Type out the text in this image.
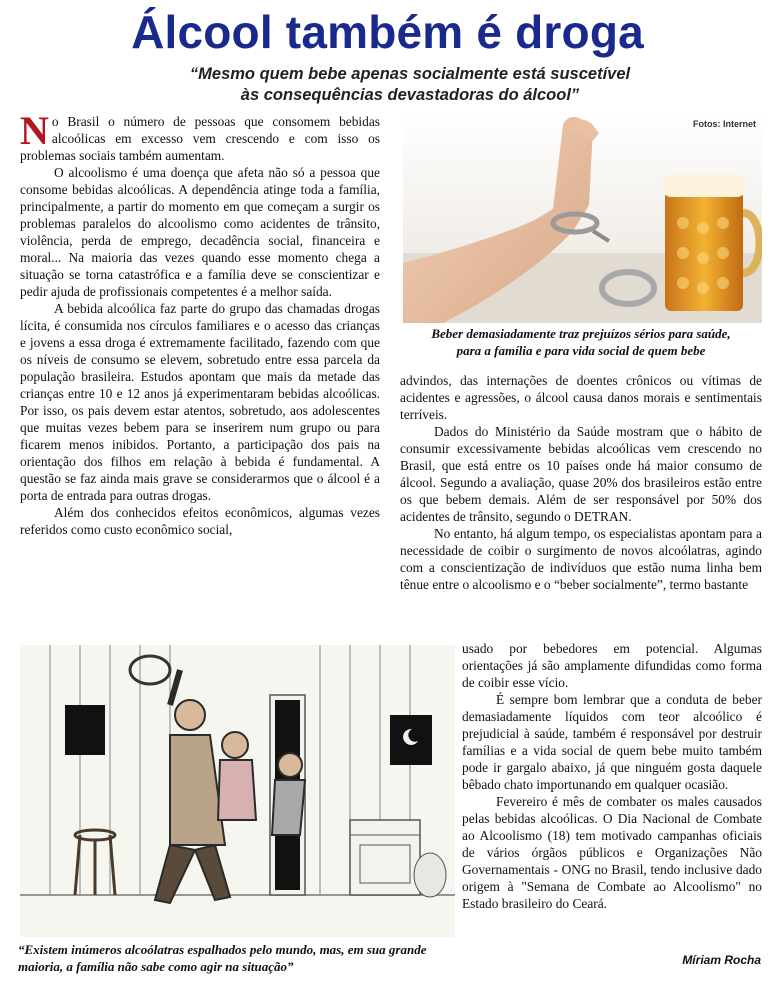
Álcool também é droga
“Mesmo quem bebe apenas socialmente está suscetível
às consequências devastadoras do álcool”

No Brasil o número de pessoas que consomem bebidas alcoólicas em excesso vem crescendo e com isso os problemas sociais também aumentam.

O alcoolismo é uma doença que afeta não só a pessoa que consome bebidas alcoólicas. A dependência atinge toda a família, principalmente, a partir do momento em que começam a surgir os problemas paralelos do alcoolismo como acidentes de trânsito, violência, perda de emprego, decadência social, financeira e moral... Na maioria das vezes quando esse momento chega a situação se torna catastrófica e a família deve se conscientizar e pedir ajuda de profissionais competentes é a melhor saída.

A bebida alcoólica faz parte do grupo das chamadas drogas lícita, é consumida nos círculos familiares e o acesso das crianças e jovens a essa droga é extremamente facilitado, fazendo com que os níveis de consumo se elevem, sobretudo entre essa parcela da população brasileira. Estudos apontam que mais da metade das crianças entre 10 e 12 anos já experimentaram bebidas alcoólicas. Por isso, os pais devem estar atentos, sobretudo, aos adolescentes que muitas vezes bebem para se inserirem num grupo ou para ficarem menos inibidos. Portanto, a participação dos pais na orientação dos filhos em relação à bebida é fundamental. A questão se faz ainda mais grave se considerarmos que o álcool é a porta de entrada para outras drogas.

Além dos conhecidos efeitos econômicos, algumas vezes referidos como custo econômico social,

Fotos: Internet
Beber demasiadamente traz prejuízos sérios para saúde,
para a família e para vida social de quem bebe

advindos, das internações de doentes crônicos ou vítimas de acidentes e agressões, o álcool causa danos morais e sentimentais terríveis.

Dados do Ministério da Saúde mostram que o hábito de consumir excessivamente bebidas alcoólicas vem crescendo no Brasil, que está entre os 10 países onde há maior consumo de álcool. Segundo a avaliação, quase 20% dos brasileiros estão entre os que bebem demais. Além de ser responsável por 50% dos acidentes de trânsito, segundo o DETRAN.

No entanto, há algum tempo, os especialistas apontam para a necessidade de coibir o surgimento de novos alcoólatras, agindo com a conscientização de indivíduos que estão numa linha bem tênue entre o alcoolismo e o “beber socialmente”, termo bastante

“Existem inúmeros alcoólatras espalhados pelo mundo, mas, em sua grande maioria, a família não sabe como agir na situação”

usado por bebedores em potencial. Algumas orientações já são amplamente difundidas como forma de coibir esse vício.

É sempre bom lembrar que a conduta de beber demasiadamente líquidos com teor alcoólico é prejudicial à saúde, também é responsável por destruir famílias e a vida social de quem bebe muito também pode ir gargalo abaixo, já que ninguém gosta daquele bêbado chato importunando em qualquer ocasião.

Fevereiro é mês de combater os males causados pelas bebidas alcoólicas. O Dia Nacional de Combate ao Alcoolismo (18) tem motivado campanhas oficiais de vários órgãos públicos e Organizações Não Governamentais - ONG no Brasil, tendo inclusive dado origem à "Semana de Combate ao Alcoolismo" no Estado brasileiro do Ceará.

Míriam Rocha
